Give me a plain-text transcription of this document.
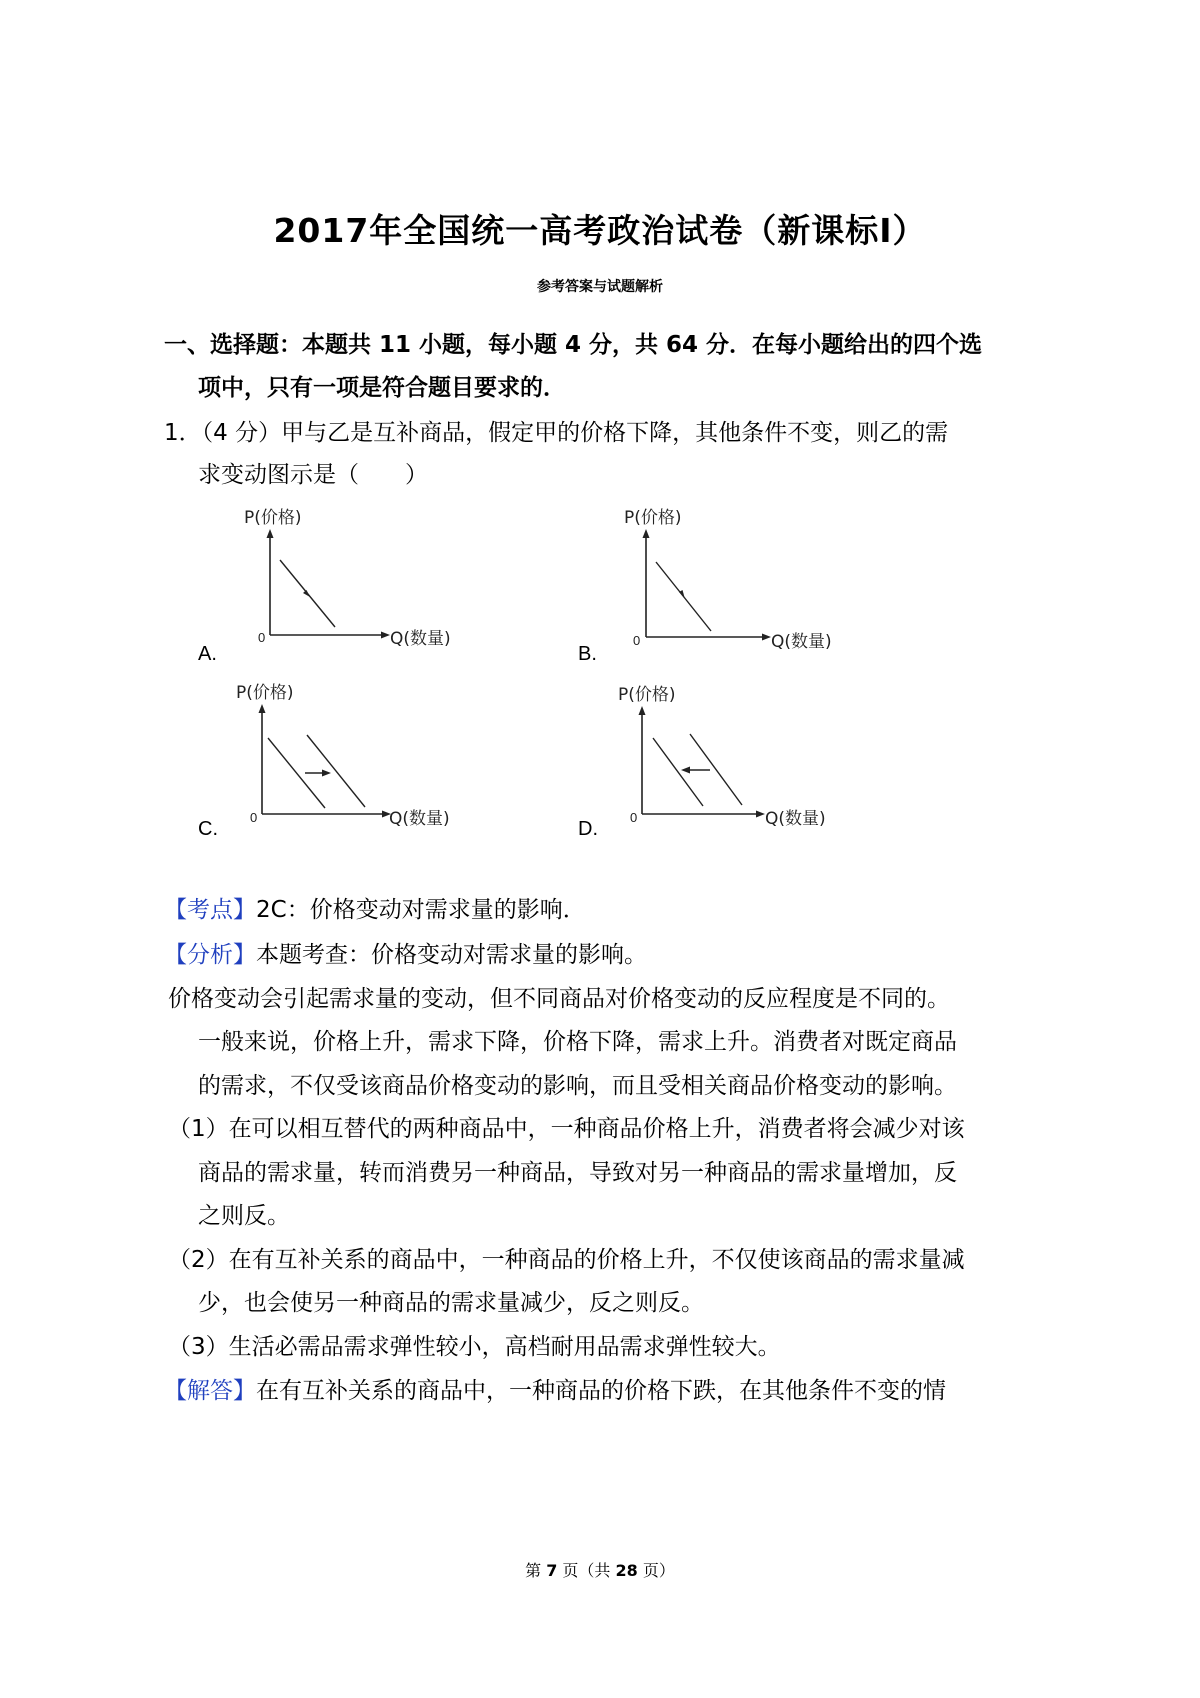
2017年全国统一高考政治试卷（新课标Ⅰ）
参考答案与试题解析
一、选择题：本题共 11 小题，每小题 4 分，共 64 分．在每小题给出的四个选
项中，只有一项是符合题目要求的．
1．（4 分）甲与乙是互补商品，假定甲的价格下降，其他条件不变，则乙的需
求变动图示是（　　）
A.
P(价格)
0	Q(数量)
B.
P(价格)
0	Q(数量)
C.
P(价格)
0	Q(数量)	D.
P(价格)
0	Q(数量)
【考点】2C：价格变动对需求量的影响．
【分析】本题考查：价格变动对需求量的影响。
价格变动会引起需求量的变动，但不同商品对价格变动的反应程度是不同的。
一般来说，价格上升，需求下降，价格下降，需求上升。消费者对既定商品
的需求，不仅受该商品价格变动的影响，而且受相关商品价格变动的影响。
（1）在可以相互替代的两种商品中，一种商品价格上升，消费者将会减少对该
商品的需求量，转而消费另一种商品，导致对另一种商品的需求量增加，反
之则反。
（2）在有互补关系的商品中，一种商品的价格上升，不仅使该商品的需求量减
少，也会使另一种商品的需求量减少，反之则反。
（3）生活必需品需求弹性较小，高档耐用品需求弹性较大。
【解答】在有互补关系的商品中，一种商品的价格下跌，在其他条件不变的情
第 7 页（共 28 页）
